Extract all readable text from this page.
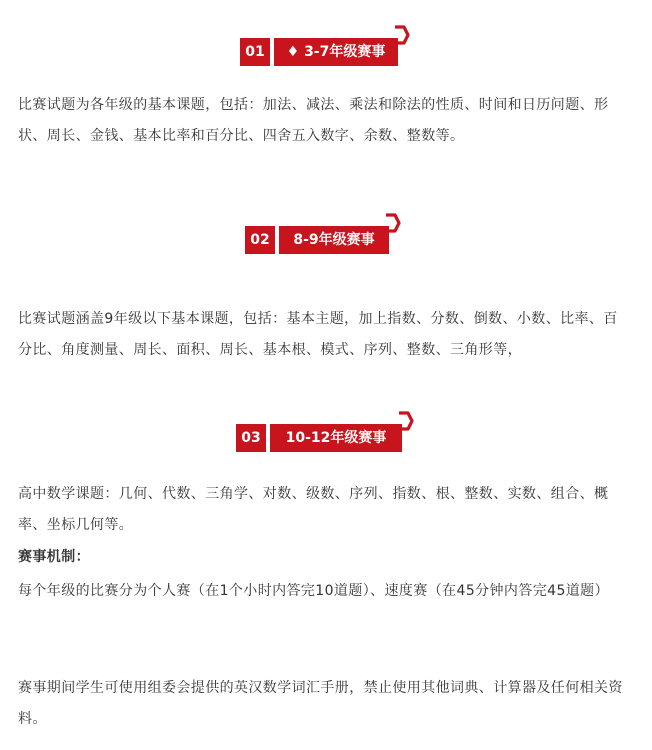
01	♦ 3-7年级赛事

比赛试题为各年级的基本课题，包括：加法、减法、乘法和除法的性质、时间和日历问题、形状、周长、金钱、基本比率和百分比、四舍五入数字、余数、整数等。

02	8-9年级赛事

比赛试题涵盖9年级以下基本课题，包括：基本主题，加上指数、分数、倒数、小数、比率、百分比、角度测量、周长、面积、周长、基本根、模式、序列、整数、三角形等，

03	10-12年级赛事

高中数学课题：几何、代数、三角学、对数、级数、序列、指数、根、整数、实数、组合、概率、坐标几何等。

赛事机制：

每个年级的比赛分为个人赛（在1个小时内答完10道题）、速度赛（在45分钟内答完45道题）

赛事期间学生可使用组委会提供的英汉数学词汇手册，禁止使用其他词典、计算器及任何相关资料。
